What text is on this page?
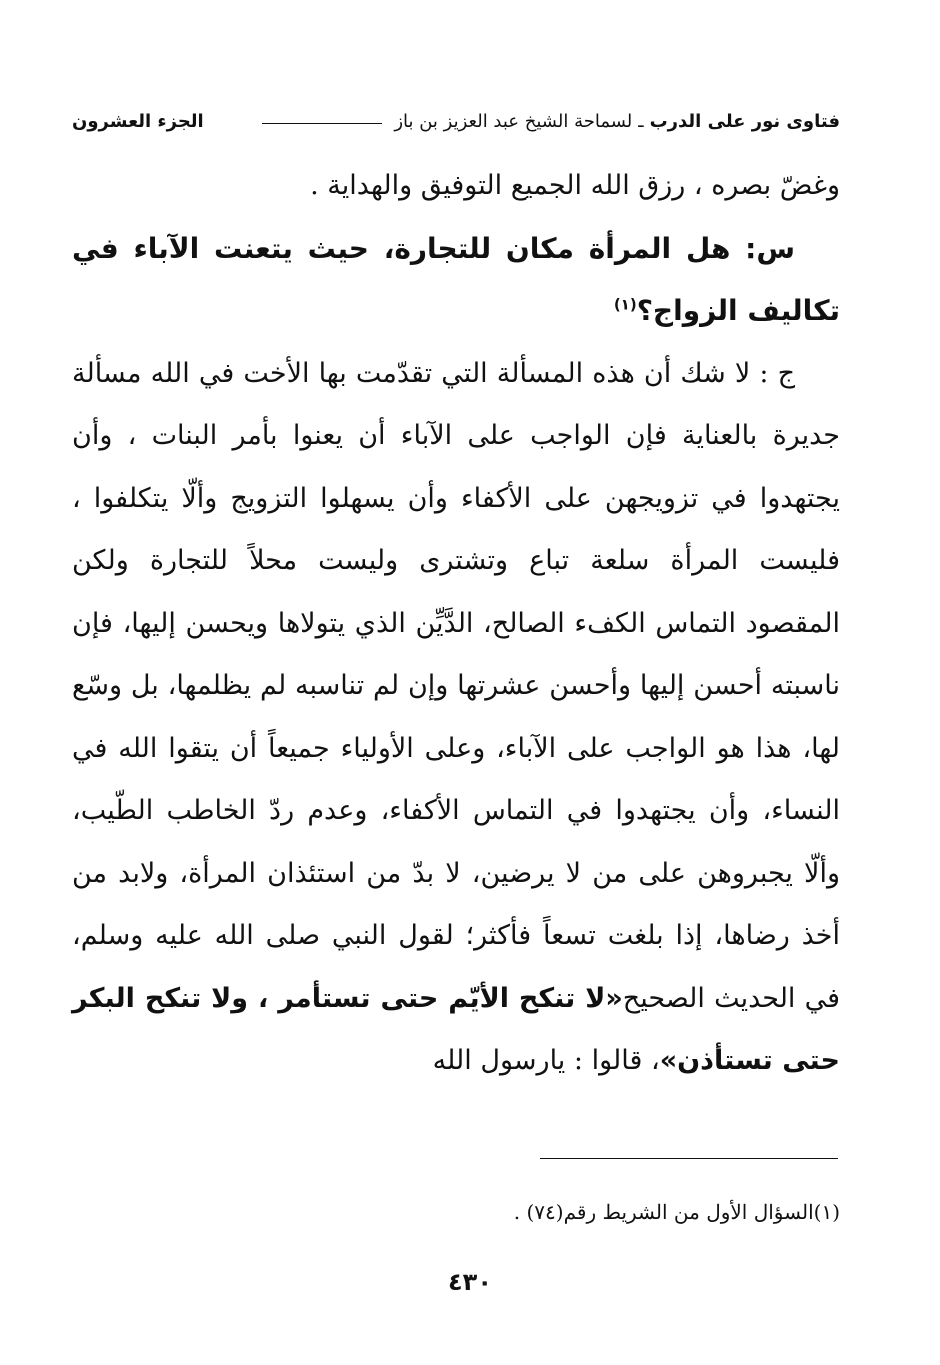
فتاوى نور على الدرب
ـ
لسماحة الشيخ عبد العزيز بن باز
الجزء العشرون

وغضّ بصره ، رزق الله الجميع التوفيق والهداية .

س: هل المرأة مكان للتجارة، حيث يتعنت الآباء في تكاليف الزواج؟$^{(١)}$

ج : لا شك أن هذه المسألة التي تقدّمت بها الأخت في الله مسألة جديرة بالعناية فإن الواجب على الآباء أن يعنوا بأمر البنات ، وأن يجتهدوا في تزويجهن على الأكفاء وأن يسهلوا التزويج وألّا يتكلفوا ، فليست المرأة سلعة تباع وتشترى وليست محلاً للتجارة ولكن المقصود التماس الكفء الصالح، الدَّيِّن الذي يتولاها ويحسن إليها، فإن ناسبته أحسن إليها وأحسن عشرتها وإن لم تناسبه لم يظلمها، بل وسّع لها، هذا هو الواجب على الآباء، وعلى الأولياء جميعاً أن يتقوا الله في النساء، وأن يجتهدوا في التماس الأكفاء، وعدم ردّ الخاطب الطّيب، وألّا يجبروهن على من لا يرضين، لا بدّ من استئذان المرأة، ولابد من أخذ رضاها، إذا بلغت تسعاً فأكثر؛ لقول النبي صلى الله عليه وسلم، في الحديث الصحيح«لا تنكح الأيّم حتى تستأمر ، ولا تنكح البكر حتى تستأذن»، قالوا : يارسول الله

(١)السؤال الأول من الشريط رقم(٧٤) .
٤٣٠
